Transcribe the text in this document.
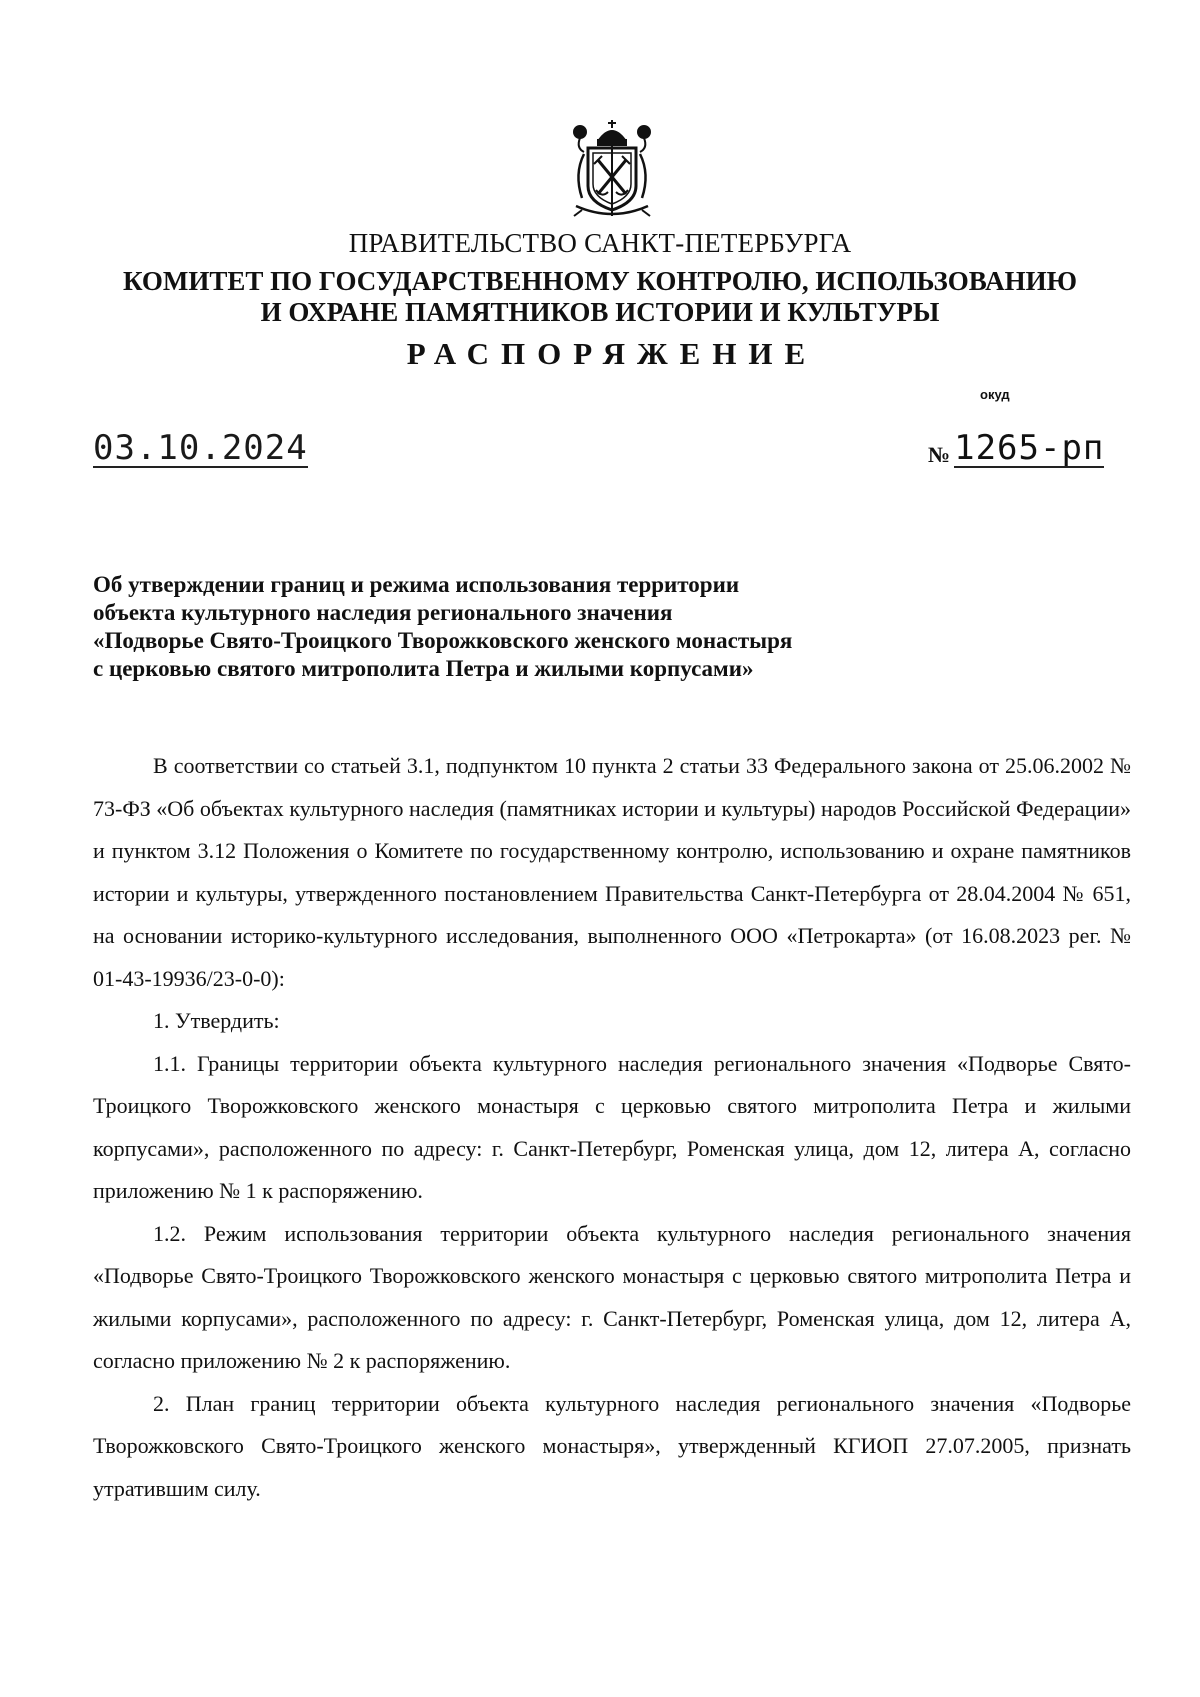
ПРАВИТЕЛЬСТВО САНКТ-ПЕТЕРБУРГА
КОМИТЕТ ПО ГОСУДАРСТВЕННОМУ КОНТРОЛЮ, ИСПОЛЬЗОВАНИЮ
И ОХРАНЕ ПАМЯТНИКОВ ИСТОРИИ И КУЛЬТУРЫ
РАСПОРЯЖЕНИЕ
окуд
03.10.2024	№ 1265-рп
Об утверждении границ и режима использования территории
объекта культурного наследия регионального значения
«Подворье Свято-Троицкого Творожковского женского монастыря
с церковью святого митрополита Петра и жилыми корпусами»

В соответствии со статьей 3.1, подпунктом 10 пункта 2 статьи 33 Федерального закона от 25.06.2002 № 73-ФЗ «Об объектах культурного наследия (памятниках истории и культуры) народов Российской Федерации» и пунктом 3.12 Положения о Комитете по государственному контролю, использованию и охране памятников истории и культуры, утвержденного постановлением Правительства Санкт-Петербурга от 28.04.2004 № 651, на основании историко-культурного исследования, выполненного ООО «Петрокарта» (от 16.08.2023 рег. № 01-43-19936/23-0-0):

1. Утвердить:

1.1. Границы территории объекта культурного наследия регионального значения «Подворье Свято-Троицкого Творожковского женского монастыря с церковью святого митрополита Петра и жилыми корпусами», расположенного по адресу: г. Санкт-Петербург, Роменская улица, дом 12, литера А, согласно приложению № 1 к распоряжению.

1.2. Режим использования территории объекта культурного наследия регионального значения «Подворье Свято-Троицкого Творожковского женского монастыря с церковью святого митрополита Петра и жилыми корпусами», расположенного по адресу: г. Санкт-Петербург, Роменская улица, дом 12, литера А, согласно приложению № 2 к распоряжению.

2. План границ территории объекта культурного наследия регионального значения «Подворье Творожковского Свято-Троицкого женского монастыря», утвержденный КГИОП 27.07.2005, признать утратившим силу.
